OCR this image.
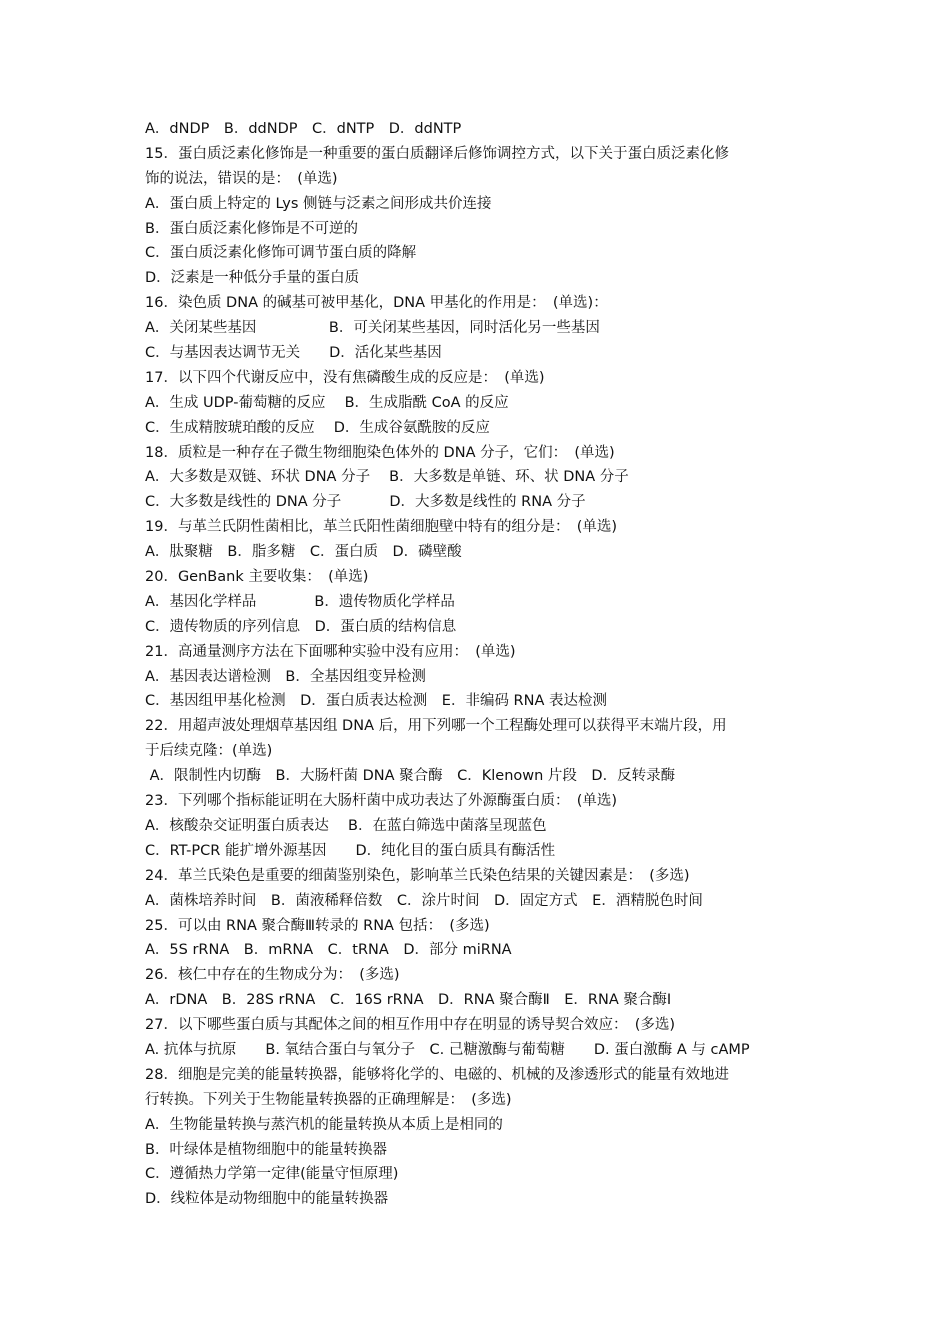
A．dNDP　B．ddNDP　C．dNTP　D．ddNTP
15．蛋白质泛素化修饰是一种重要的蛋白质翻译后修饰调控方式，以下关于蛋白质泛素化修
饰的说法，错误的是：　(单选)
A．蛋白质上特定的 Lys 侧链与泛素之间形成共价连接
B．蛋白质泛素化修饰是不可逆的
C．蛋白质泛素化修饰可调节蛋白质的降解
D．泛素是一种低分手量的蛋白质
16．染色质 DNA 的碱基可被甲基化，DNA 甲基化的作用是：　(单选)：
A．关闭某些基因　　　　　B．可关闭某些基因，同时活化另一些基因
C．与基因表达调节无关　　D．活化某些基因
17．以下四个代谢反应中，没有焦磷酸生成的反应是：　(单选)
A．生成 UDP-葡萄糖的反应　 B．生成脂酰 CoA 的反应
C．生成精胺琥珀酸的反应　 D．生成谷氨酰胺的反应
18．质粒是一种存在子微生物细胞染色体外的 DNA 分子，它们：　(单选)
A．大多数是双链、环状 DNA 分子　 B．大多数是单链、环、状 DNA 分子
C．大多数是线性的 DNA 分子　　　 D．大多数是线性的 RNA 分子
19．与革兰氏阴性菌相比，革兰氏阳性菌细胞壁中特有的组分是：　(单选)
A．肽聚糖　B．脂多糖　C．蛋白质　D．磷壁酸
20．GenBank 主要收集：　(单选)
A．基因化学样品　　　　B．遗传物质化学样品
C．遗传物质的序列信息　D．蛋白质的结构信息
21．高通量测序方法在下面哪种实验中没有应用：　(单选)
A．基因表达谱检测　B．全基因组变异检测
C．基因组甲基化检测　D．蛋白质表达检测　E．非编码 RNA 表达检测
22．用超声波处理烟草基因组 DNA 后，用下列哪一个工程酶处理可以获得平末端片段，用
于后续克隆：(单选)
A．限制性内切酶　B．大肠杆菌 DNA 聚合酶　C．Klenown 片段　D．反转录酶
23．下列哪个指标能证明在大肠杆菌中成功表达了外源酶蛋白质：　(单选)
A．核酸杂交证明蛋白质表达　 B．在蓝白筛选中菌落呈现蓝色
C．RT-PCR 能扩增外源基因　　D．纯化目的蛋白质具有酶活性
24．革兰氏染色是重要的细菌鉴别染色，影响革兰氏染色结果的关键因素是：　(多选)
A．菌株培养时间　B．菌液稀释倍数　C．涂片时间　D．固定方式　E．酒精脱色时间
25．可以由 RNA 聚合酶Ⅲ转录的 RNA 包括：　(多选)
A．5S rRNA　B．mRNA　C．tRNA　D．部分 miRNA
26．核仁中存在的生物成分为：　(多选)
A．rDNA　B．28S rRNA　C．16S rRNA　D．RNA 聚合酶Ⅱ　E．RNA 聚合酶Ⅰ
27．以下哪些蛋白质与其配体之间的相互作用中存在明显的诱导契合效应：　(多选)
A. 抗体与抗原　　B. 氧结合蛋白与氧分子　C. 己糖激酶与葡萄糖　　D. 蛋白激酶 A 与 cAMP
28．细胞是完美的能量转换器，能够将化学的、电磁的、机械的及渗透形式的能量有效地进
行转换。下列关于生物能量转换器的正确理解是：　(多选)
A．生物能量转换与蒸汽机的能量转换从本质上是相同的
B．叶绿体是植物细胞中的能量转换器
C．遵循热力学第一定律(能量守恒原理)
D．线粒体是动物细胞中的能量转换器
